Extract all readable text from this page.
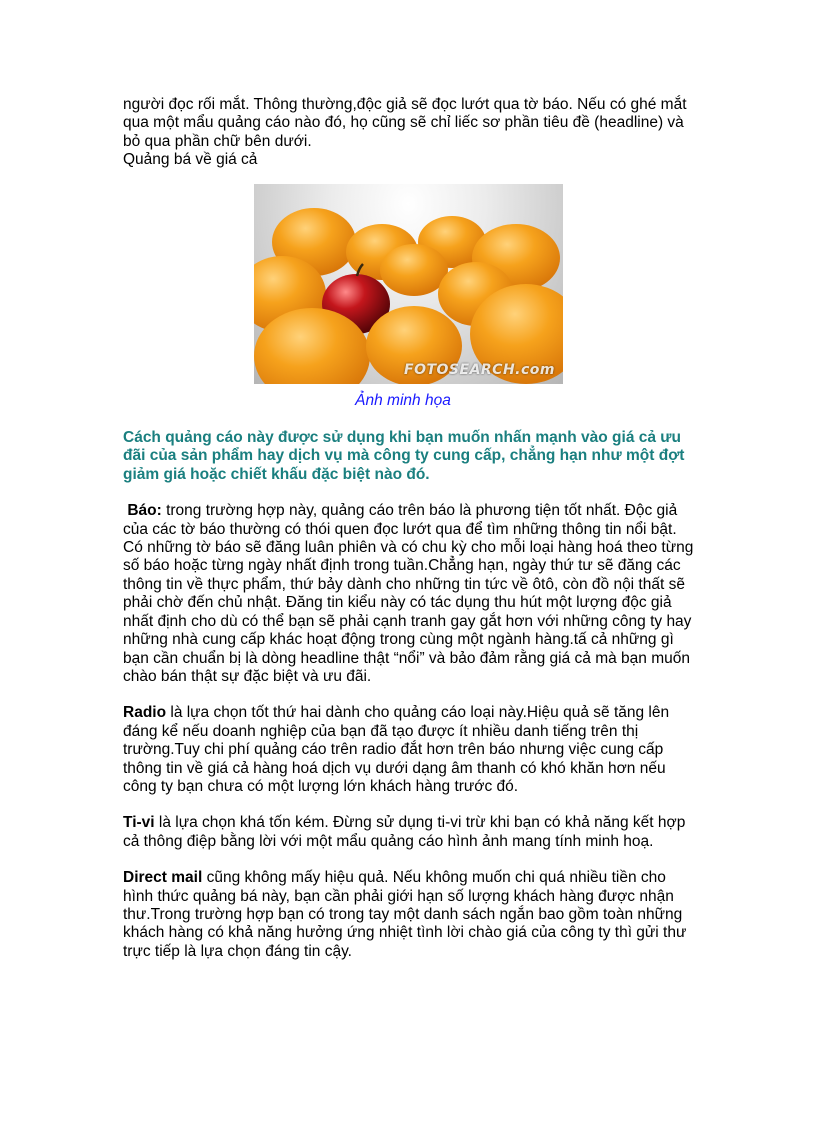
người đọc rối mắt. Thông thường,độc giả sẽ đọc lướt qua tờ báo. Nếu có ghé mắt qua một mẩu quảng cáo nào đó, họ cũng sẽ chỉ liếc sơ phần tiêu đề (headline) và bỏ qua phần chữ bên dưới.

Quảng bá về giá cả

FOTOSEARCH.com

Ảnh minh họa

Cách quảng cáo này được sử dụng khi bạn muốn nhấn mạnh vào giá cả ưu đãi của sản phẩm hay dịch vụ mà công ty cung cấp, chẳng hạn như một đợt giảm giá hoặc chiết khấu đặc biệt nào đó.

Báo: trong trường hợp này, quảng cáo trên báo là phương tiện tốt nhất. Độc giả của các tờ báo thường có thói quen đọc lướt qua để tìm những thông tin nổi bật. Có những tờ báo sẽ đăng luân phiên và có chu kỳ cho mỗi loại hàng hoá theo từng số báo hoặc từng ngày nhất định trong tuần.Chẳng hạn, ngày thứ tư sẽ đăng các thông tin về thực phẩm, thứ bảy dành cho những tin tức về ôtô, còn đồ nội thất sẽ phải chờ đến chủ nhật. Đăng tin kiểu này có tác dụng thu hút một lượng độc giả nhất định cho dù có thể bạn sẽ phải cạnh tranh gay gắt hơn với những công ty hay những nhà cung cấp khác hoạt động trong cùng một ngành hàng.tấ cả những gì bạn cần chuẩn bị là dòng headline thật “nổi” và bảo đảm rằng giá cả mà bạn muốn chào bán thật sự đặc biệt và ưu đãi.

Radio là lựa chọn tốt thứ hai dành cho quảng cáo loại này.Hiệu quả sẽ tăng lên đáng kể nếu doanh nghiệp của bạn đã tạo được ít nhiều danh tiếng trên thị trường.Tuy chi phí quảng cáo trên radio đắt hơn trên báo nhưng việc cung cấp thông tin về giá cả hàng hoá dịch vụ dưới dạng âm thanh có khó khăn hơn nếu công ty bạn chưa có một lượng lớn khách hàng trước đó.

Ti-vi là lựa chọn khá tốn kém. Đừng sử dụng ti-vi trừ khi bạn có khả năng kết hợp cả thông điệp bằng lời với một mẩu quảng cáo hình ảnh mang tính minh hoạ.

Direct mail cũng không mấy hiệu quả. Nếu không muốn chi quá nhiều tiền cho hình thức quảng bá này, bạn cần phải giới hạn số lượng khách hàng được nhận thư.Trong trường hợp bạn có trong tay một danh sách ngắn bao gồm toàn những khách hàng có khả năng hưởng ứng nhiệt tình lời chào giá của công ty thì gửi thư trực tiếp là lựa chọn đáng tin cậy.
